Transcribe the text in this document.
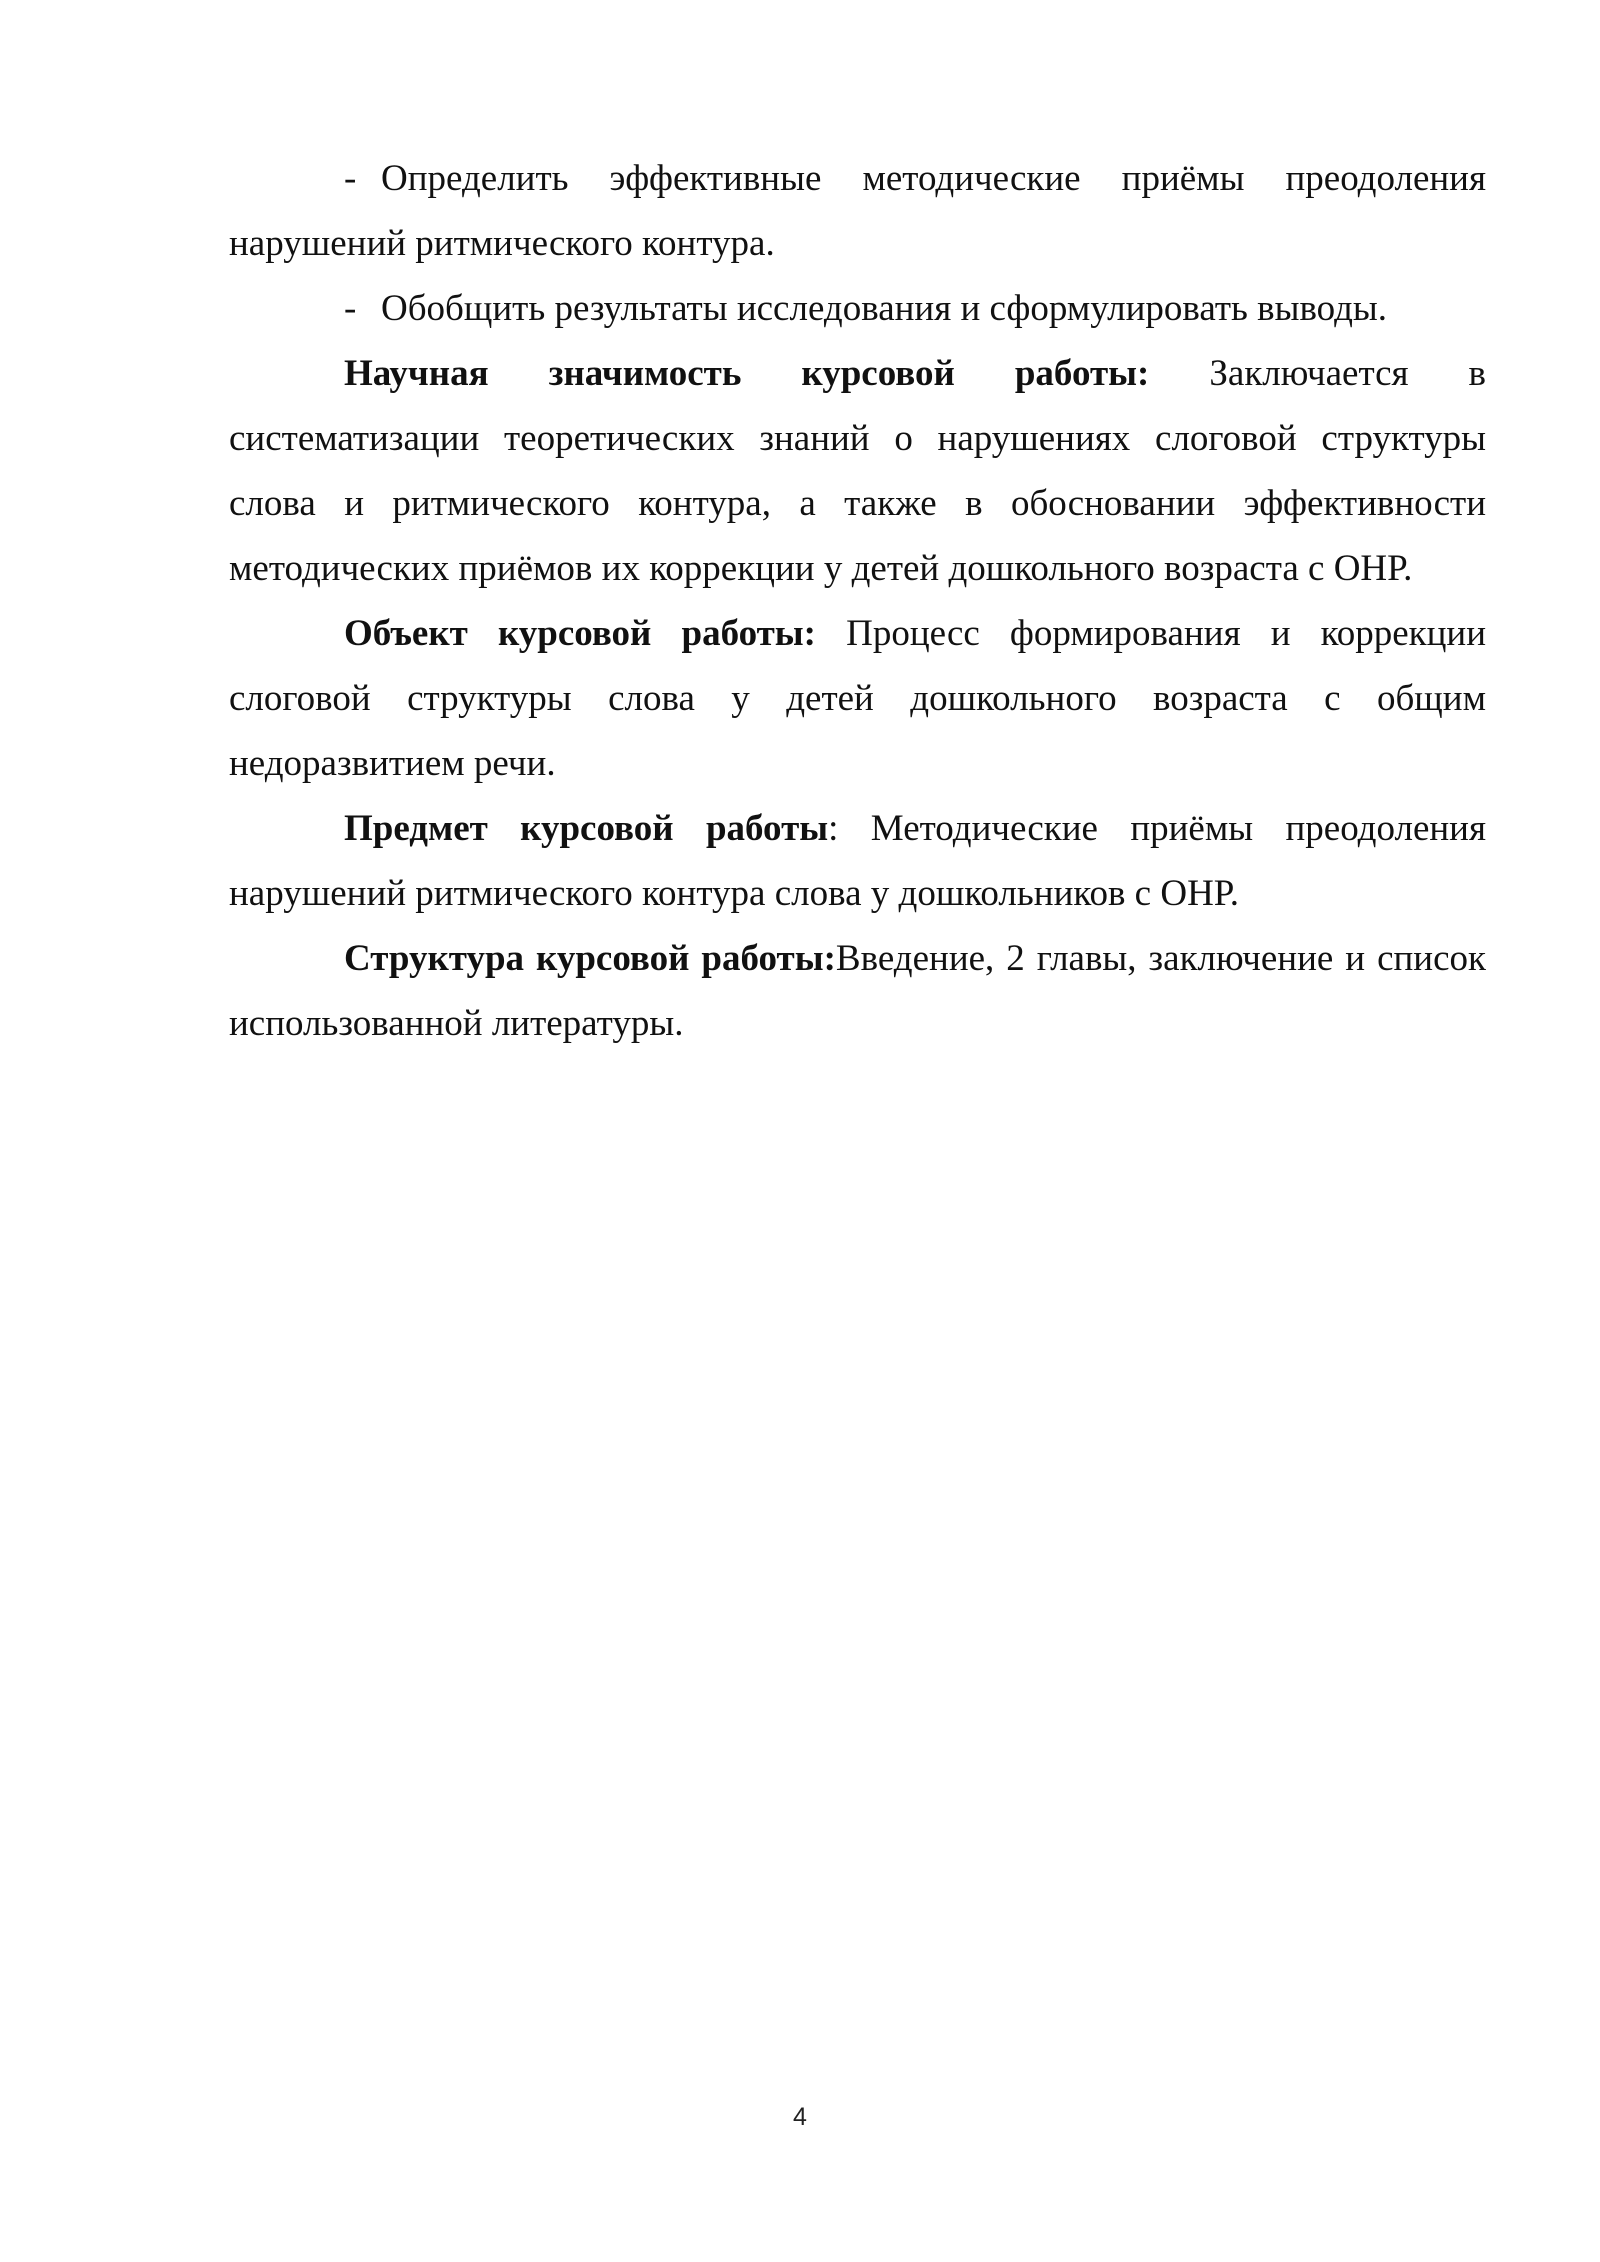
- Определить эффективные методические приёмы преодоления нарушений ритмического контура.

- Обобщить результаты исследования и сформулировать выводы.

Научная значимость курсовой работы: Заключается в систематизации теоретических знаний о нарушениях слоговой структуры слова и ритмического контура, а также в обосновании эффективности методических приёмов их коррекции у детей дошкольного возраста с ОНР.

Объект курсовой работы: Процесс формирования и коррекции слоговой структуры слова у детей дошкольного возраста с общим недоразвитием речи.

Предмет курсовой работы: Методические приёмы преодоления нарушений ритмического контура слова у дошкольников с ОНР.

Структура курсовой работы:Введение, 2 главы, заключение и список использованной литературы.

4
